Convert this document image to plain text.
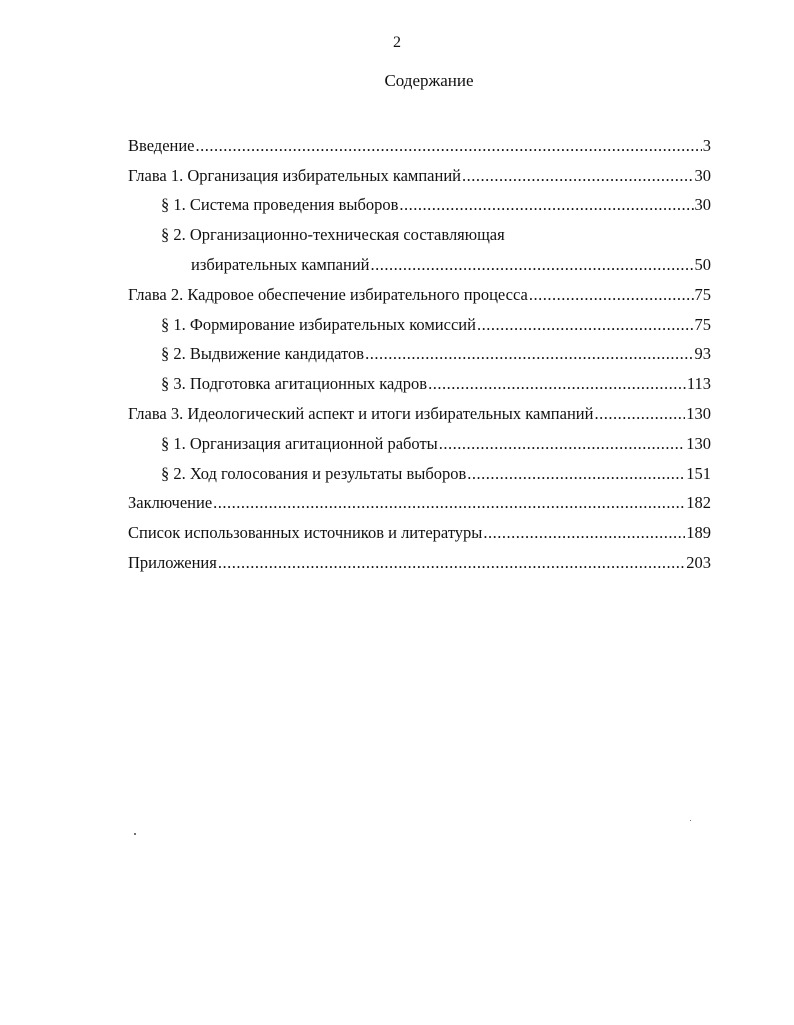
2
Содержание
Введение .....	3
Глава 1. Организация избирательных кампаний .....	30
§ 1. Система проведения выборов .....	30
§ 2. Организационно-техническая составляющая
избирательных кампаний .....	50
Глава 2. Кадровое обеспечение избирательного процесса .....	75
§ 1. Формирование избирательных комиссий .....	75
§ 2. Выдвижение кандидатов .....	93
§ 3. Подготовка агитационных кадров .....	113
Глава 3. Идеологический аспект и итоги избирательных кампаний .....	130
§ 1. Организация агитационной работы .....	130
§ 2. Ход голосования и результаты выборов .....	151
Заключение .....	182
Список использованных источников и литературы .....	189
Приложения .....	203
